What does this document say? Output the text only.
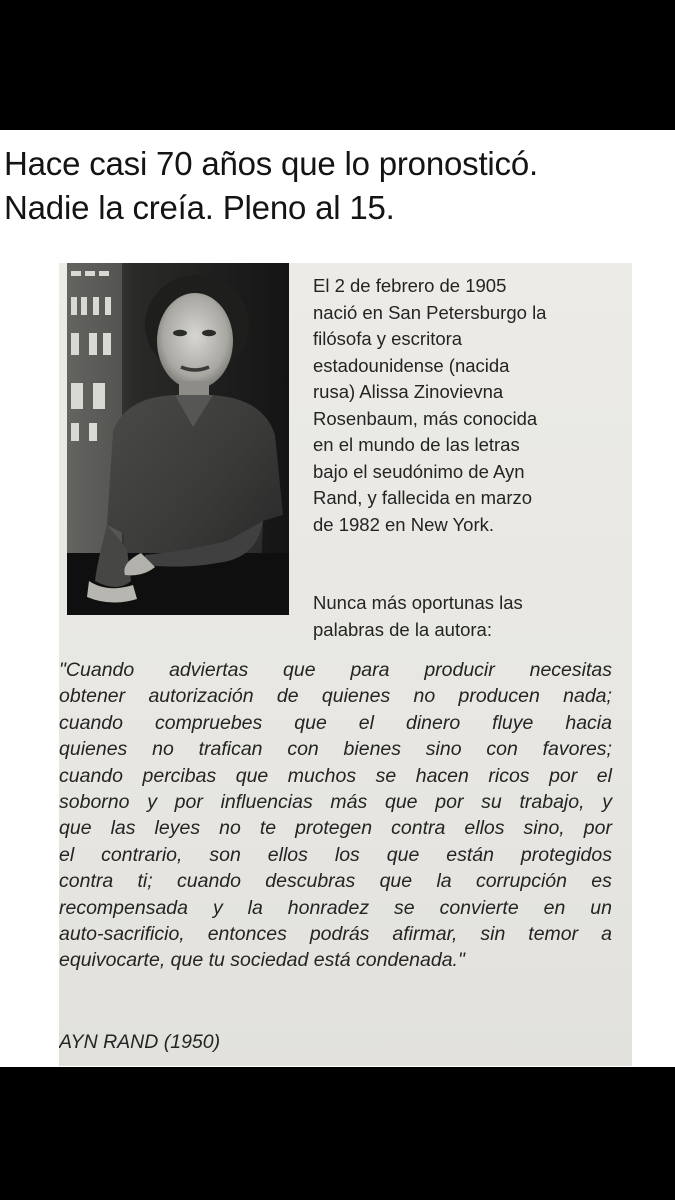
Hace casi 70 años que lo pronosticó.
Nadie la creía. Pleno al 15.
El 2 de febrero de 1905
nació en San Petersburgo la
filósofa y escritora
estadounidense (nacida
rusa) Alissa Zinovievna
Rosenbaum, más conocida
en el mundo de las letras
bajo el seudónimo de Ayn
Rand, y fallecida en marzo
de 1982 en New York.
Nunca más oportunas las
palabras de la autora:
"Cuando adviertas que para producir necesitas
obtener autorización de quienes no producen nada;
cuando compruebes que el dinero fluye hacia
quienes no trafican con bienes sino con favores;
cuando percibas que muchos se hacen ricos por el
soborno y por influencias más que por su trabajo, y
que las leyes no te protegen contra ellos sino, por
el contrario, son ellos los que están protegidos
contra ti; cuando descubras que la corrupción es
recompensada y la honradez se convierte en un
auto-sacrificio, entonces podrás afirmar, sin temor a
equivocarte, que tu sociedad está condenada."
AYN RAND (1950)
